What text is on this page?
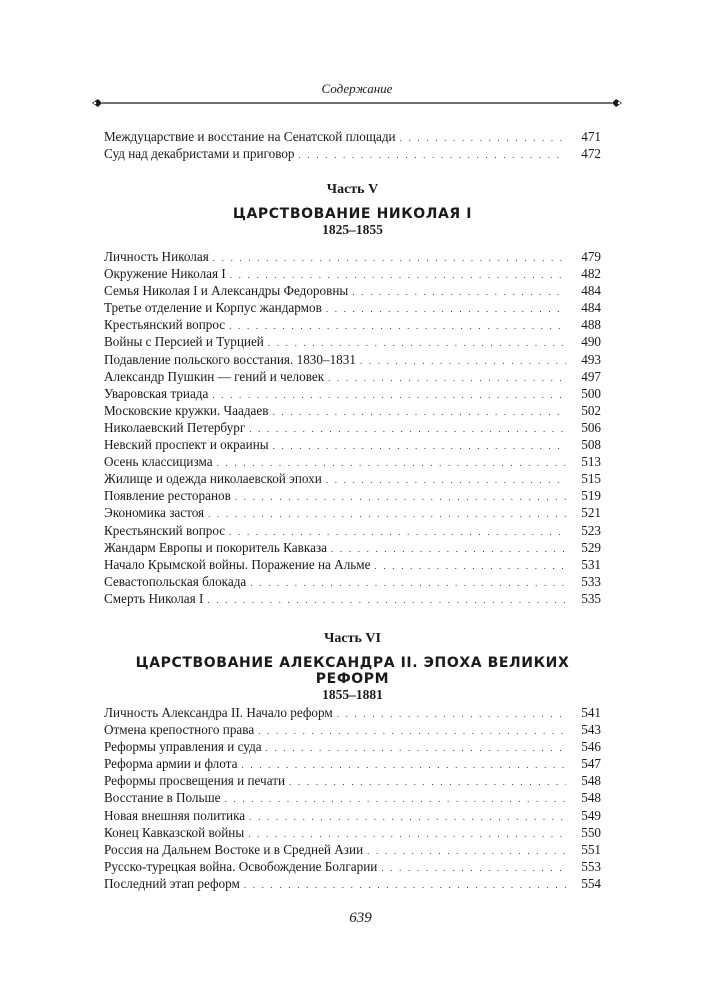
Содержание
Междуцарствие и восстание на Сенатской площади . . .	471
Суд над декабристами и приговор . . .	472
Часть V
ЦАРСТВОВАНИЕ НИКОЛАЯ I
1825–1855
Личность Николая . . .	479
Окружение Николая I . . .	482
Семья Николая I и Александры Федоровны . . .	484
Третье отделение и Корпус жандармов . . .	484
Крестьянский вопрос . . .	488
Войны с Персией и Турцией . . .	490
Подавление польского восстания. 1830–1831 . . .	493
Александр Пушкин — гений и человек . . .	497
Уваровская триада . . .	500
Московские кружки. Чаадаев . . .	502
Николаевский Петербург . . .	506
Невский проспект и окраины . . .	508
Осень классицизма . . .	513
Жилище и одежда николаевской эпохи . . .	515
Появление ресторанов . . .	519
Экономика застоя . . .	521
Крестьянский вопрос . . .	523
Жандарм Европы и покоритель Кавказа . . .	529
Начало Крымской войны. Поражение на Альме . . .	531
Севастопольская блокада . . .	533
Смерть Николая I . . .	535
Часть VI
ЦАРСТВОВАНИЕ АЛЕКСАНДРА II. ЭПОХА ВЕЛИКИХ РЕФОРМ
1855–1881
Личность Александра II. Начало реформ . . .	541
Отмена крепостного права . . .	543
Реформы управления и суда . . .	546
Реформа армии и флота . . .	547
Реформы просвещения и печати . . .	548
Восстание в Польше . . .	548
Новая внешняя политика . . .	549
Конец Кавказской войны . . .	550
Россия на Дальнем Востоке и в Средней Азии . . .	551
Русско-турецкая война. Освобождение Болгарии . . .	553
Последний этап реформ . . .	554
639
